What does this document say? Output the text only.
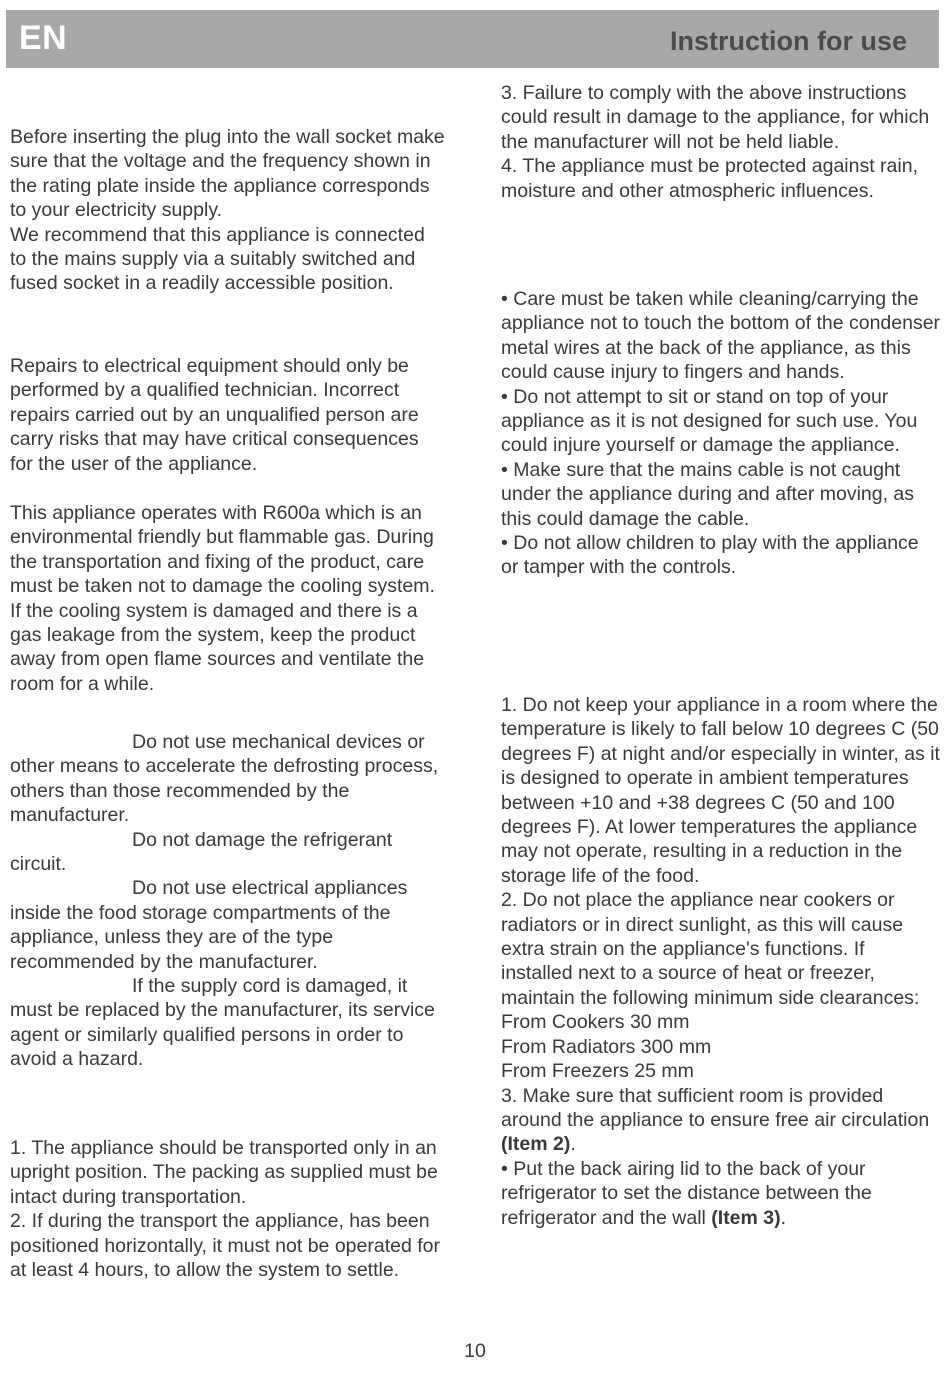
EN	Instruction for use

Before inserting the plug into the wall socket make sure that the voltage and the frequency shown in the rating plate inside the appliance corresponds to your electricity supply.

We recommend that this appliance is connected to the mains supply via a suitably switched and fused socket in a readily accessible position.

Repairs to electrical equipment should only be performed by a qualified technician. Incorrect repairs carried out by an unqualified person are carry risks that may have critical consequences for the user of the appliance.

This appliance operates with R600a which is an environmental friendly but flammable gas. During the transportation and fixing of the product, care must be taken not to damage the cooling system. If the cooling system is damaged and there is a gas leakage from the system, keep the product away from open flame sources and ventilate the room for a while.

Do not use mechanical devices or other means to accelerate the defrosting process, others than those recommended by the manufacturer.

Do not damage the refrigerant circuit.

Do not use electrical appliances inside the food storage compartments of the appliance, unless they are of the type recommended by the manufacturer.

If the supply cord is damaged, it must be replaced by the manufacturer, its service agent or similarly qualified persons in order to avoid a hazard.

1. The appliance should be transported only in an upright position. The packing as supplied must be intact during transportation.

2. If during the transport the appliance, has been positioned horizontally, it must not be operated for at least 4 hours, to allow the system to settle.

3. Failure to comply with the above instructions could result in damage to the appliance, for which the manufacturer will not be held liable.

4. The appliance must be protected against rain, moisture and other atmospheric influences.

• Care must be taken while cleaning/carrying the appliance not to touch the bottom of the condenser metal wires at the back of the appliance, as this could cause injury to fingers and hands.

• Do not attempt to sit or stand on top of your appliance as it is not designed for such use. You could injure yourself or damage the appliance.

• Make sure that the mains cable is not caught under the appliance during and after moving, as this could damage the cable.

• Do not allow children to play with the appliance or tamper with the controls.

1. Do not keep your appliance in a room where the temperature is likely to fall below 10 degrees C (50 degrees F) at night and/or especially in winter, as it is designed to operate in ambient temperatures between +10 and +38 degrees C (50 and 100 degrees F). At lower temperatures the appliance may not operate, resulting in a reduction in the storage life of the food.

2. Do not place the appliance near cookers or radiators or in direct sunlight, as this will cause extra strain on the appliance's functions. If installed next to a source of heat or freezer, maintain the following minimum side clearances:

From Cookers 30 mm

From Radiators 300 mm

From Freezers 25 mm

3. Make sure that sufficient room is provided around the appliance to ensure free air circulation (Item 2).

• Put the back airing lid to the back of your refrigerator to set the distance between the refrigerator and the wall (Item 3).

10
